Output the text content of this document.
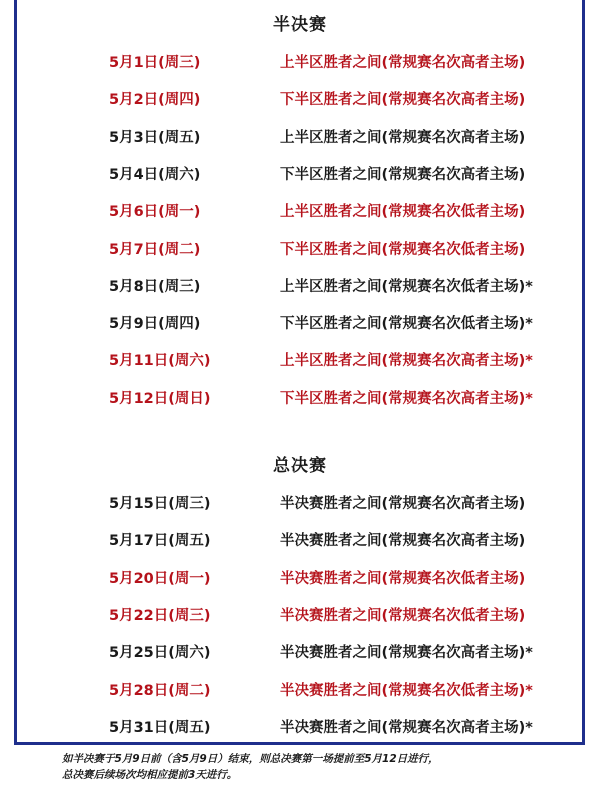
半决赛
5月1日(周三)	上半区胜者之间(常规赛名次高者主场)
5月2日(周四)	下半区胜者之间(常规赛名次高者主场)
5月3日(周五)	上半区胜者之间(常规赛名次高者主场)
5月4日(周六)	下半区胜者之间(常规赛名次高者主场)
5月6日(周一)	上半区胜者之间(常规赛名次低者主场)
5月7日(周二)	下半区胜者之间(常规赛名次低者主场)
5月8日(周三)	上半区胜者之间(常规赛名次低者主场)*
5月9日(周四)	下半区胜者之间(常规赛名次低者主场)*
5月11日(周六)	上半区胜者之间(常规赛名次高者主场)*
5月12日(周日)	下半区胜者之间(常规赛名次高者主场)*
总决赛
5月15日(周三)	半决赛胜者之间(常规赛名次高者主场)
5月17日(周五)	半决赛胜者之间(常规赛名次高者主场)
5月20日(周一)	半决赛胜者之间(常规赛名次低者主场)
5月22日(周三)	半决赛胜者之间(常规赛名次低者主场)
5月25日(周六)	半决赛胜者之间(常规赛名次高者主场)*
5月28日(周二)	半决赛胜者之间(常规赛名次低者主场)*
5月31日(周五)	半决赛胜者之间(常规赛名次高者主场)*
如半决赛于5月9日前（含5月9日）结束，则总决赛第一场提前至5月12日进行，
总决赛后续场次均相应提前3天进行。
